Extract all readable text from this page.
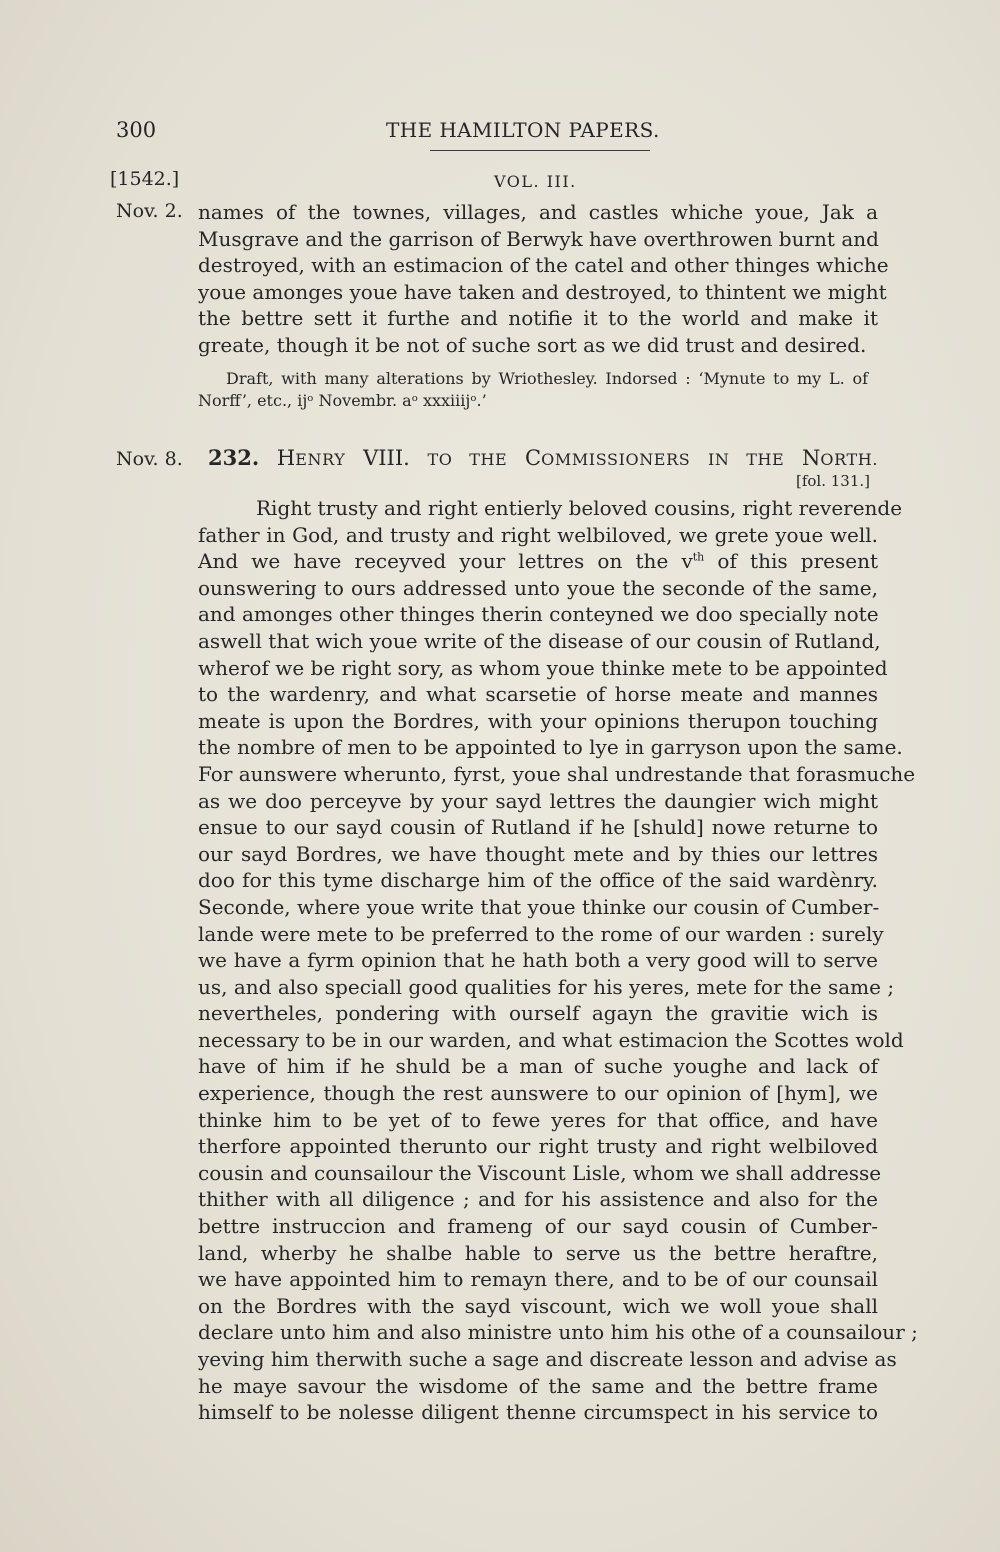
300	THE HAMILTON PAPERS.
[1542.]	VOL. III.
Nov. 2. names of the townes, villages, and castles whiche youe, Jak a
Musgrave and the garrison of Berwyk have overthrowen burnt and
destroyed, with an estimacion of the catel and other thinges whiche
youe amonges youe have taken and destroyed, to thintent we might
the bettre sett it furthe and notifie it to the world and make it
greate, though it be not of suche sort as we did trust and desired.
Draft, with many alterations by Wriothesley. Indorsed : ‘Mynute to my L. of
Norff’, etc., ijᵒ Novembr. aᵒ xxxiiijᵒ.’
Nov. 8. 232. HENRY VIII. TO THE COMMISSIONERS IN THE NORTH.
[fol. 131.]
Right trusty and right entierly beloved cousins, right reverende
father in God, and trusty and right welbiloved, we grete youe well.
And we have receyved your lettres on the $v^{th}$ of this present
ounswering to ours addressed unto youe the seconde of the same,
and amonges other thinges therin conteyned we doo specially note
aswell that wich youe write of the disease of our cousin of Rutland,
wherof we be right sory, as whom youe thinke mete to be appointed
to the wardenry, and what scarsetie of horse meate and mannes
meate is upon the Bordres, with your opinions therupon touching
the nombre of men to be appointed to lye in garryson upon the same.
For aunswere wherunto, fyrst, youe shal undrestande that forasmuche
as we doo perceyve by your sayd lettres the daungier wich might
ensue to our sayd cousin of Rutland if he [shuld] nowe returne to
our sayd Bordres, we have thought mete and by thies our lettres
doo for this tyme discharge him of the office of the said wardènry.
Seconde, where youe write that youe thinke our cousin of Cumber-
lande were mete to be preferred to the rome of our warden : surely
we have a fyrm opinion that he hath both a very good will to serve
us, and also speciall good qualities for his yeres, mete for the same ;
nevertheles, pondering with ourself agayn the gravitie wich is
necessary to be in our warden, and what estimacion the Scottes wold
have of him if he shuld be a man of suche youghe and lack of
experience, though the rest aunswere to our opinion of [hym], we
thinke him to be yet of to fewe yeres for that office, and have
therfore appointed therunto our right trusty and right welbiloved
cousin and counsailour the Viscount Lisle, whom we shall addresse
thither with all diligence ; and for his assistence and also for the
bettre instruccion and frameng of our sayd cousin of Cumber-
land, wherby he shalbe hable to serve us the bettre heraftre,
we have appointed him to remayn there, and to be of our counsail
on the Bordres with the sayd viscount, wich we woll youe shall
declare unto him and also ministre unto him his othe of a counsailour ;
yeving him therwith suche a sage and discreate lesson and advise as
he maye savour the wisdome of the same and the bettre frame
himself to be nolesse diligent thenne circumspect in his service to
